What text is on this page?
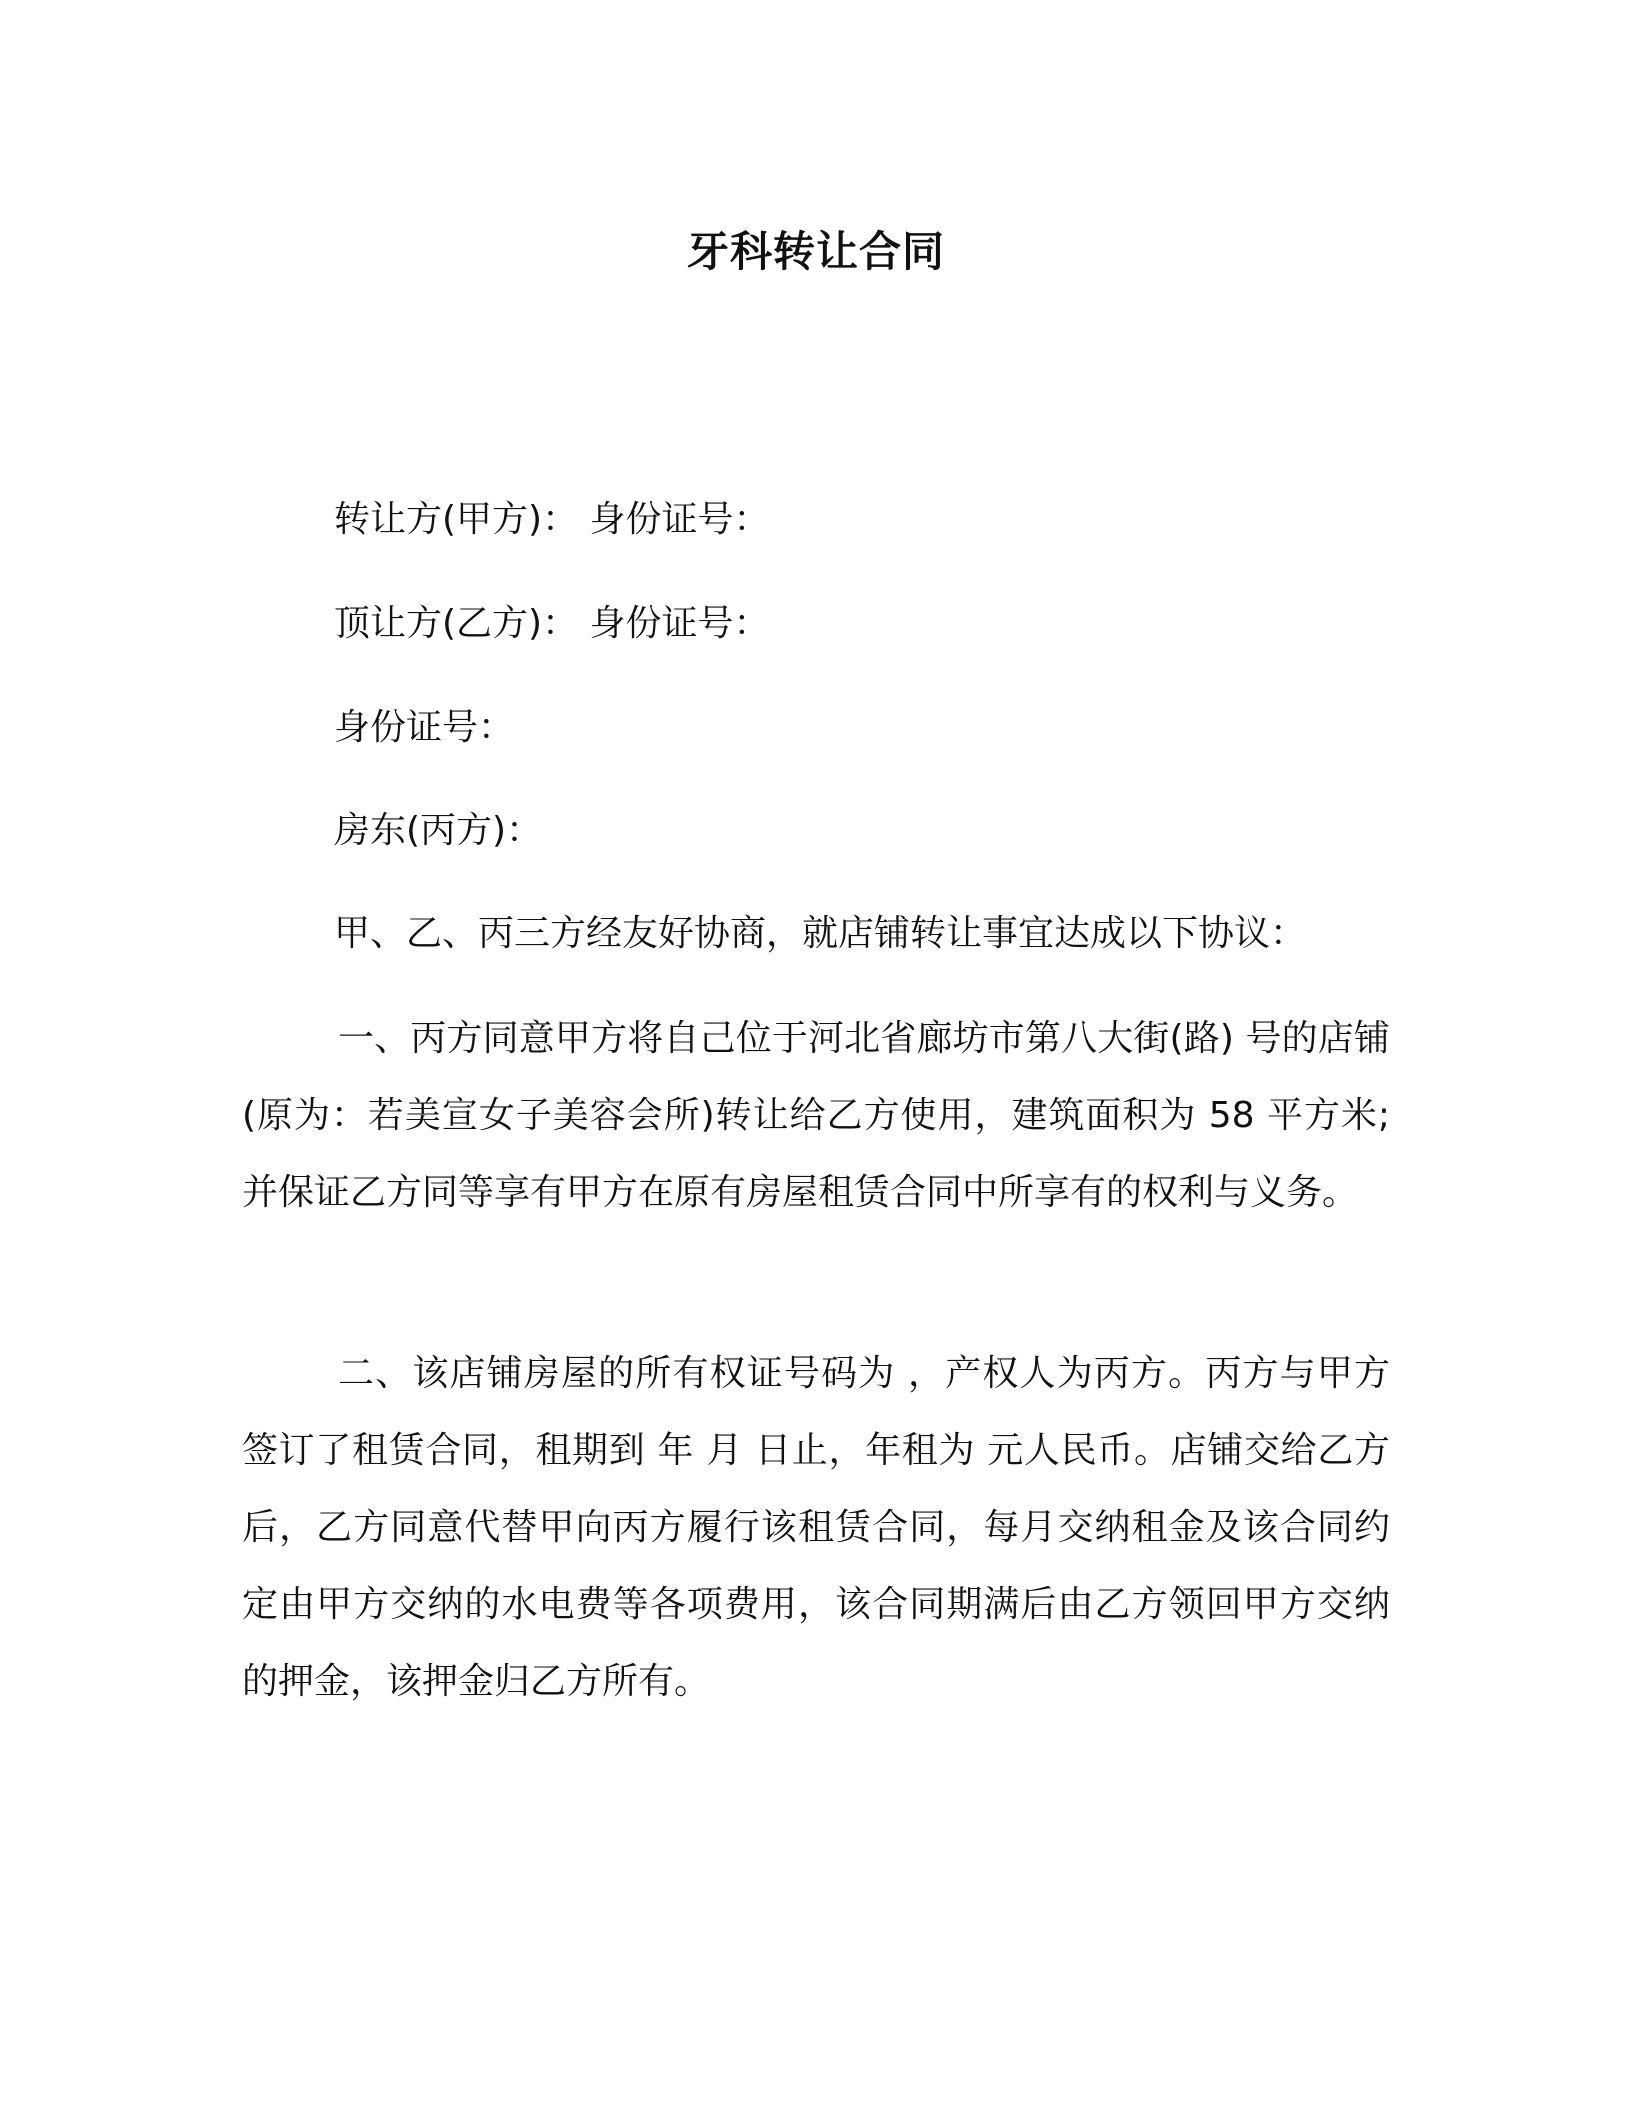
牙科转让合同

转让方(甲方)： 身份证号：

顶让方(乙方)： 身份证号：

身份证号：

房东(丙方)：

甲、乙、丙三方经友好协商，就店铺转让事宜达成以下协议：

一、丙方同意甲方将自己位于河北省廊坊市第八大街(路) 号的店铺(原为：若美宣女子美容会所)转让给乙方使用，建筑面积为 58 平方米;并保证乙方同等享有甲方在原有房屋租赁合同中所享有的权利与义务。

二、该店铺房屋的所有权证号码为 ，产权人为丙方。丙方与甲方签订了租赁合同，租期到 年 月 日止，年租为 元人民币。店铺交给乙方后，乙方同意代替甲向丙方履行该租赁合同，每月交纳租金及该合同约定由甲方交纳的水电费等各项费用，该合同期满后由乙方领回甲方交纳的押金，该押金归乙方所有。
